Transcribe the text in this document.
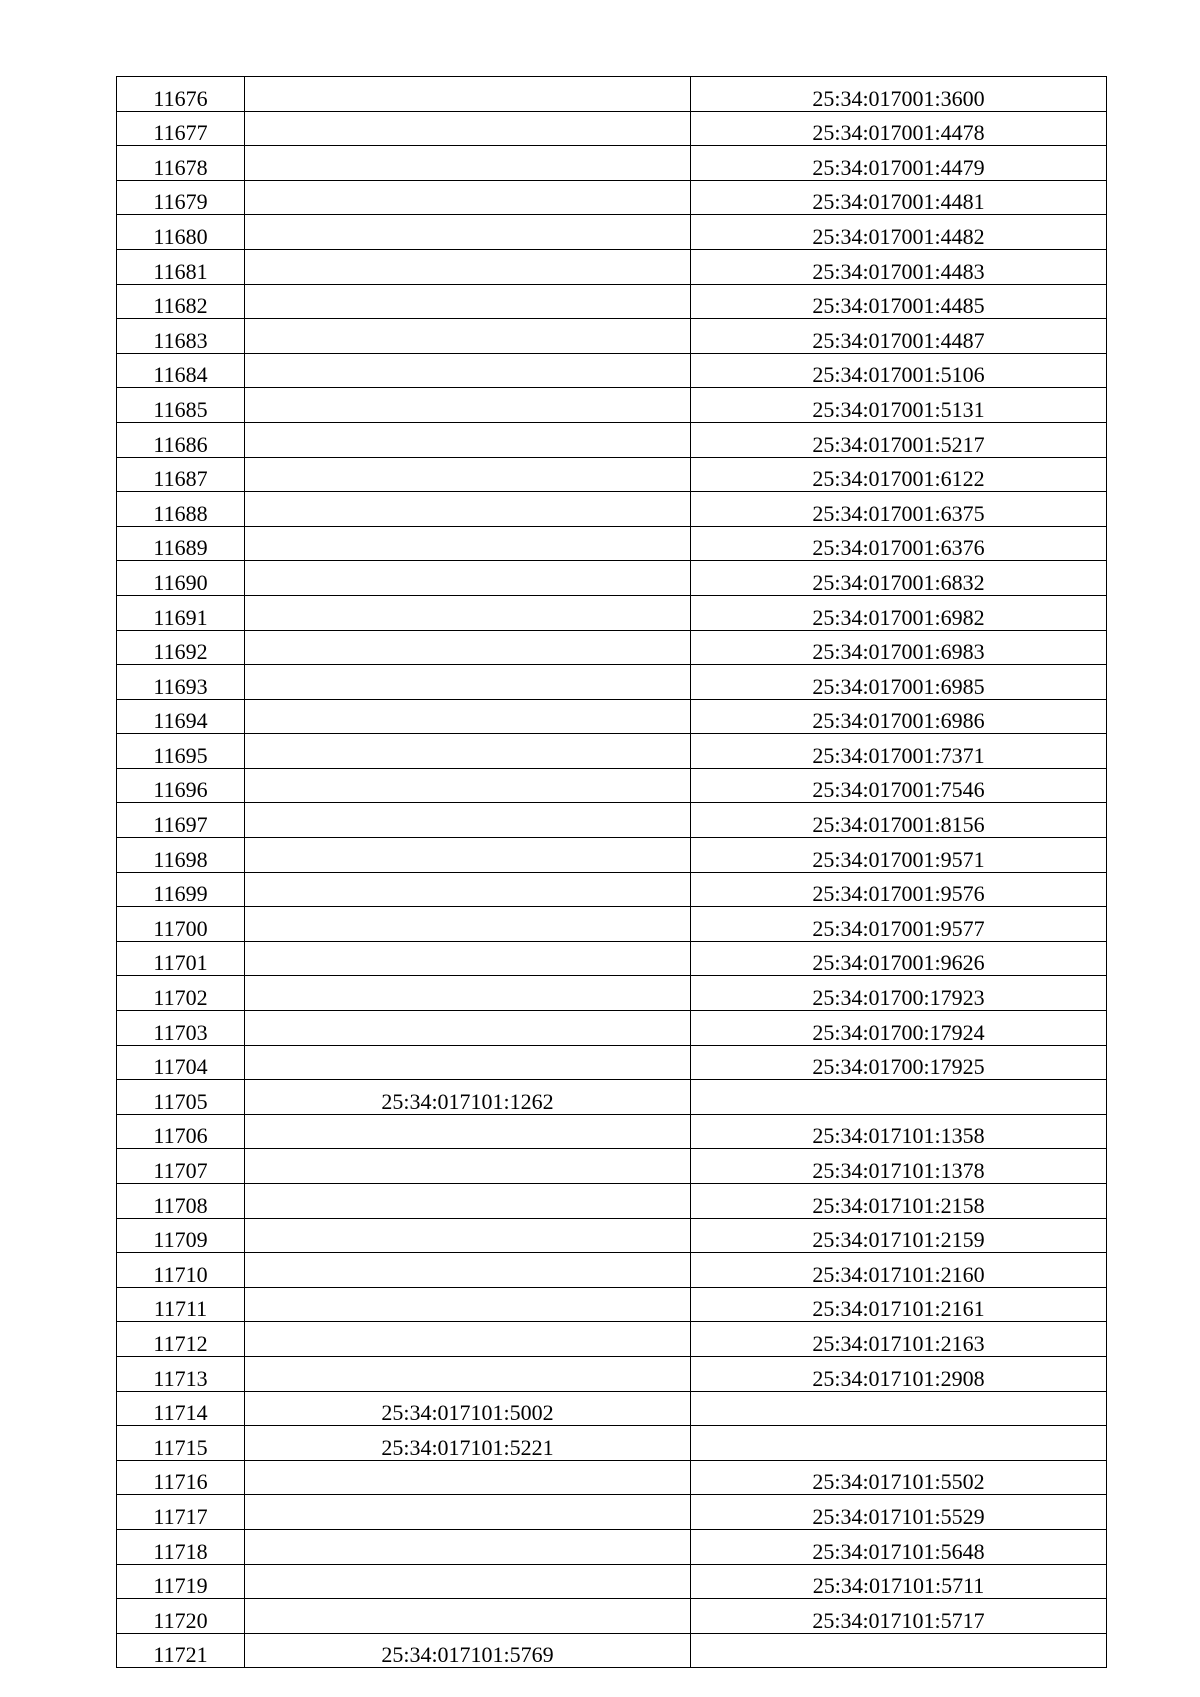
11676		25:34:017001:3600
11677		25:34:017001:4478
11678		25:34:017001:4479
11679		25:34:017001:4481
11680		25:34:017001:4482
11681		25:34:017001:4483
11682		25:34:017001:4485
11683		25:34:017001:4487
11684		25:34:017001:5106
11685		25:34:017001:5131
11686		25:34:017001:5217
11687		25:34:017001:6122
11688		25:34:017001:6375
11689		25:34:017001:6376
11690		25:34:017001:6832
11691		25:34:017001:6982
11692		25:34:017001:6983
11693		25:34:017001:6985
11694		25:34:017001:6986
11695		25:34:017001:7371
11696		25:34:017001:7546
11697		25:34:017001:8156
11698		25:34:017001:9571
11699		25:34:017001:9576
11700		25:34:017001:9577
11701		25:34:017001:9626
11702		25:34:01700:17923
11703		25:34:01700:17924
11704		25:34:01700:17925
11705	25:34:017101:1262	
11706		25:34:017101:1358
11707		25:34:017101:1378
11708		25:34:017101:2158
11709		25:34:017101:2159
11710		25:34:017101:2160
11711		25:34:017101:2161
11712		25:34:017101:2163
11713		25:34:017101:2908
11714	25:34:017101:5002	
11715	25:34:017101:5221	
11716		25:34:017101:5502
11717		25:34:017101:5529
11718		25:34:017101:5648
11719		25:34:017101:5711
11720		25:34:017101:5717
11721	25:34:017101:5769	
